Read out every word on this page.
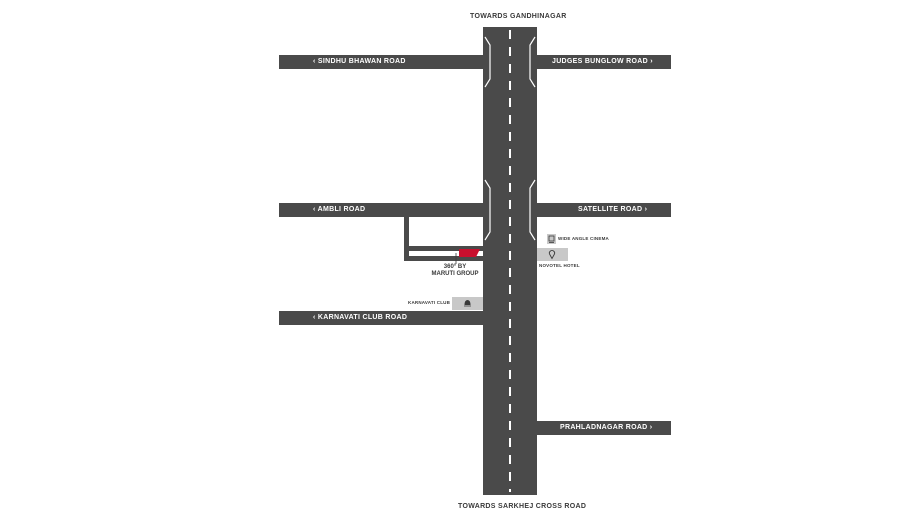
TOWARDS GANDHINAGAR
TOWARDS SARKHEJ CROSS ROAD
‹ SINDHU BHAWAN ROAD	JUDGES BUNGLOW ROAD ›
‹ AMBLI ROAD	SATELLITE ROAD ›
‹ KARNAVATI CLUB ROAD
PRAHLADNAGAR ROAD ›
WIDE ANGLE CINEMA
NOVOTEL HOTEL
KARNAVATI CLUB
360° BY
MARUTI GROUP
